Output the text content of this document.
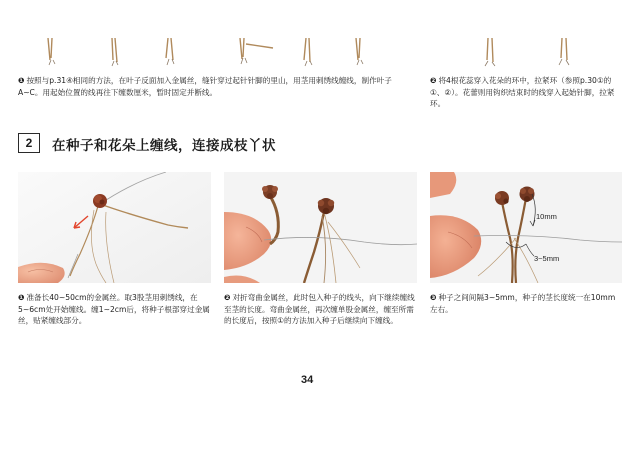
❶ 按照与p.31④相同的方法，在叶子反面加入金属丝，缝针穿过起针针脚的里山，用茎用刺绣线缠线，制作叶子A~C。用起始位置的线再往下缠数厘米，暂时固定并断线。
❷ 将4根花蕊穿入花朵的环中，拉紧环（参照p.30①的①、②）。花蕾则用钩织结束时的线穿入起始针脚，拉紧环。
2 在种子和花朵上缠线，连接成枝丫状
10mm
3~5mm
❶ 准备长40~50cm的金属丝。取3股茎用刺绣线，在5~6cm处开始缠线。缠1~2cm后，将种子根部穿过金属丝，贴紧缠线部分。
❷ 对折弯曲金属丝，此时包入种子的线头，向下继续缠线至茎的长度。弯曲金属丝，再次缠单股金属丝，缠至所需的长度后，按照①的方法加入种子后继续向下缠线。
❸ 种子之间间隔3~5mm，种子的茎长度统一在10mm左右。
34
